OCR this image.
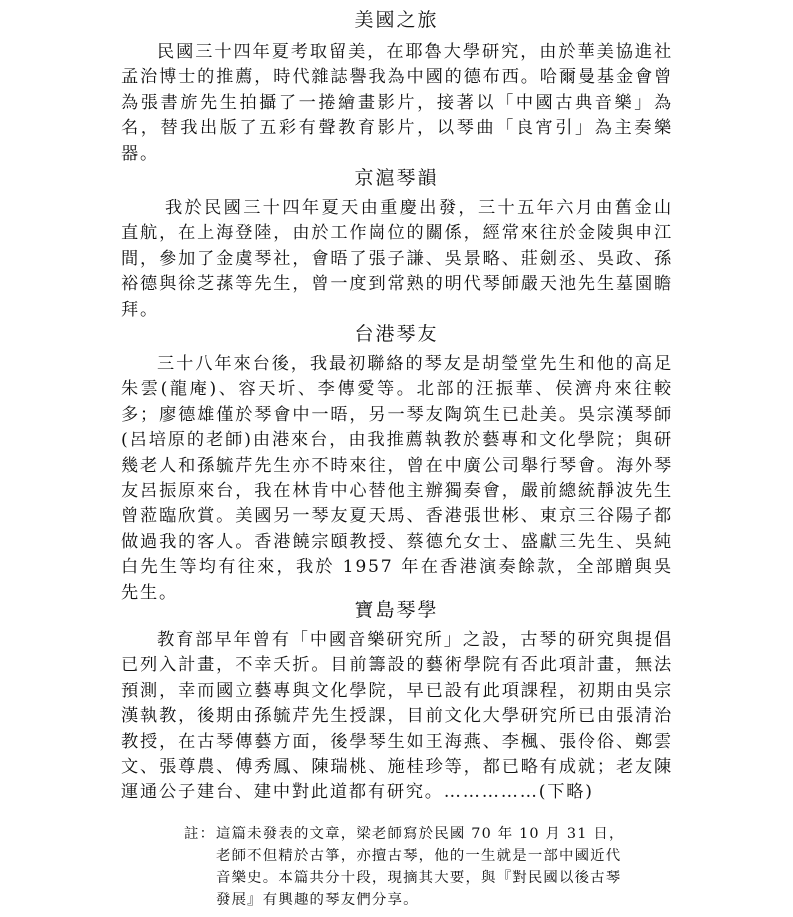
美國之旅

民國三十四年夏考取留美，在耶魯大學研究，由於華美協進社孟治博士的推薦，時代雜誌譽我為中國的德布西。哈爾曼基金會曾為張書旂先生拍攝了一捲繪畫影片，接著以「中國古典音樂」為名，替我出版了五彩有聲教育影片，以琴曲「良宵引」為主奏樂器。

京滬琴韻

我於民國三十四年夏天由重慶出發，三十五年六月由舊金山直航，在上海登陸，由於工作崗位的關係，經常來往於金陵與申江間，參加了金虞琴社，會晤了張子謙、吳景略、莊劍丞、吳政、孫裕德與徐芝蓀等先生，曾一度到常熟的明代琴師嚴天池先生墓園瞻拜。

台港琴友

三十八年來台後，我最初聯絡的琴友是胡瑩堂先生和他的高足朱雲(龍庵)、容天圻、李傳愛等。北部的汪振華、侯濟舟來往較多；廖德雄僅於琴會中一晤，另一琴友陶筑生已赴美。吳宗漢琴師(呂培原的老師)由港來台，由我推薦執教於藝專和文化學院；與研幾老人和孫毓芹先生亦不時來往，曾在中廣公司舉行琴會。海外琴友呂振原來台，我在林肯中心替他主辦獨奏會，嚴前總統靜波先生曾蒞臨欣賞。美國另一琴友夏天馬、香港張世彬、東京三谷陽子都做過我的客人。香港饒宗頤教授、蔡德允女士、盛獻三先生、吳純白先生等均有往來，我於 1957 年在香港演奏餘款，全部贈與吳先生。

寶島琴學

教育部早年曾有「中國音樂研究所」之設，古琴的研究與提倡已列入計畫，不幸夭折。目前籌設的藝術學院有否此項計畫，無法預測，幸而國立藝專與文化學院，早已設有此項課程，初期由吳宗漢執教，後期由孫毓芹先生授課，目前文化大學研究所已由張清治教授，在古琴傳藝方面，後學琴生如王海燕、李楓、張伶俗、鄭雲文、張尊農、傅秀鳳、陳瑞桃、施桂珍等，都已略有成就；老友陳運通公子建台、建中對此道都有研究。……………(下略)

註： 這篇未發表的文章，梁老師寫於民國 70 年 10 月 31 日，老師不但精於古箏，亦擅古琴，他的一生就是一部中國近代音樂史。本篇共分十段，現摘其大要，與『對民國以後古琴發展』有興趣的琴友們分享。
